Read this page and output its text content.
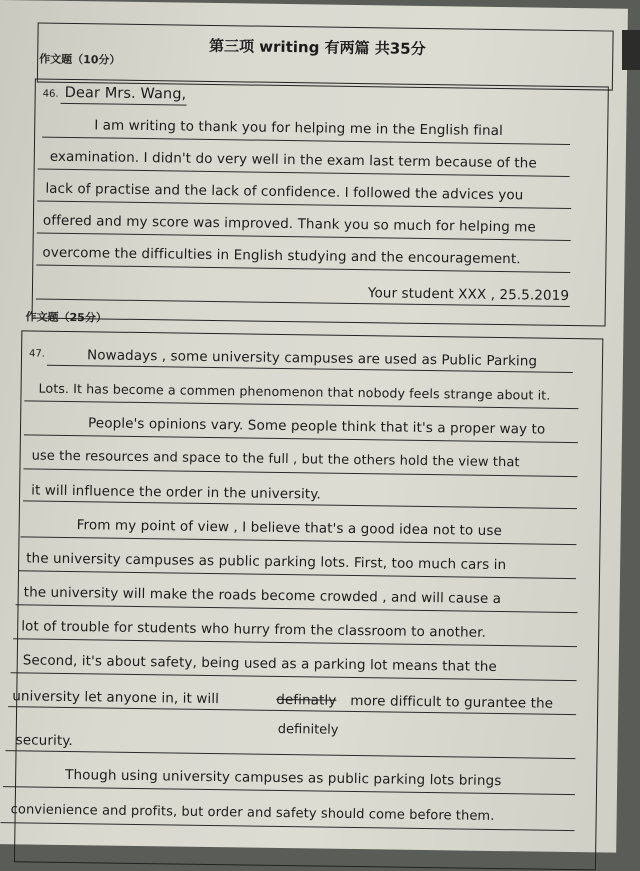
第三项 writing 有两篇 共35分
作文题（10分）
46. Dear Mrs. Wang,
I am writing to thank you for helping me in the English final
examination. I didn't do very well in the exam last term because of the
lack of practise and the lack of confidence. I followed the advices you
offered and my score was improved. Thank you so much for helping me
overcome the difficulties in English studying and the encouragement.
Your student XXX , 25.5.2019
作文题（25分）
47.	Nowadays , some university campuses are used as Public Parking
Lots. It has become a commen phenomenon that nobody feels strange about it.
People's opinions vary. Some people think that it's a proper way to
use the resources and space to the full , but the others hold the view that
it will influence the order in the university.
From my point of view , I believe that's a good idea not to use
the university campuses as public parking lots. First, too much cars in
the university will make the roads become crowded , and will cause a
lot of trouble for students who hurry from the classroom to another.
Second, it's about safety, being used as a parking lot means that the
university let anyone in, it will	definatly more difficult to gurantee the
definitely
security.
Though using university campuses as public parking lots brings
convienience and profits, but order and safety should come before them.
